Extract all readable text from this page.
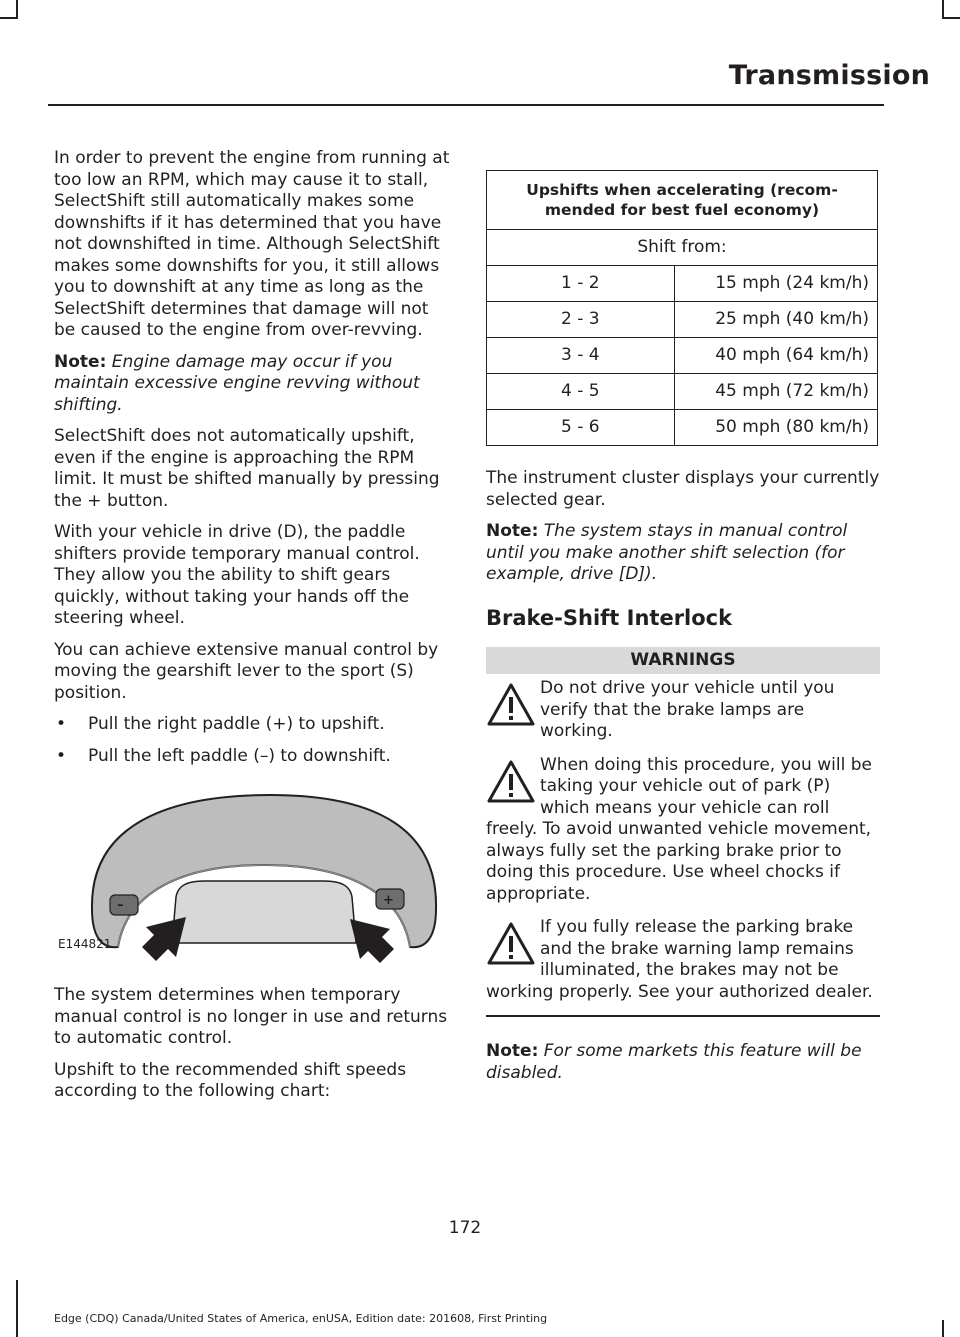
Transmission

In order to prevent the engine from running at too low an RPM, which may cause it to stall, SelectShift still automatically makes some downshifts if it has determined that you have not downshifted in time. Although SelectShift makes some downshifts for you, it still allows you to downshift at any time as long as the SelectShift determines that damage will not be caused to the engine from over-revving.

Note: Engine damage may occur if you maintain excessive engine revving without shifting.

SelectShift does not automatically upshift, even if the engine is approaching the RPM limit. It must be shifted manually by pressing the + button.

With your vehicle in drive (D), the paddle shifters provide temporary manual control. They allow you the ability to shift gears quickly, without taking your hands off the steering wheel.

You can achieve extensive manual control by moving the gearshift lever to the sport (S) position.

• Pull the right paddle (+) to upshift.
• Pull the left paddle (–) to downshift.
–	+
E144821

The system determines when temporary manual control is no longer in use and returns to automatic control.

Upshift to the recommended shift speeds according to the following chart:

Upshifts when accelerating (recom-mended for best fuel economy)	
Shift from:	
1 - 2	15 mph (24 km/h)
2 - 3	25 mph (40 km/h)
3 - 4	40 mph (64 km/h)
4 - 5	45 mph (72 km/h)
5 - 6	50 mph (80 km/h)

The instrument cluster displays your currently selected gear.

Note: The system stays in manual control until you make another shift selection (for example, drive [D]).

Brake-Shift Interlock
WARNINGS
Do not drive your vehicle until you verify that the brake lamps are working.
When doing this procedure, you will be taking your vehicle out of park (P) which means your vehicle can roll
freely. To avoid unwanted vehicle movement, always fully set the parking brake prior to doing this procedure. Use wheel chocks if appropriate.
If you fully release the parking brake and the brake warning lamp remains illuminated, the brakes may not be
working properly. See your authorized dealer.

Note: For some markets this feature will be disabled.

172
Edge (CDQ) Canada/United States of America, enUSA, Edition date: 201608, First Printing
